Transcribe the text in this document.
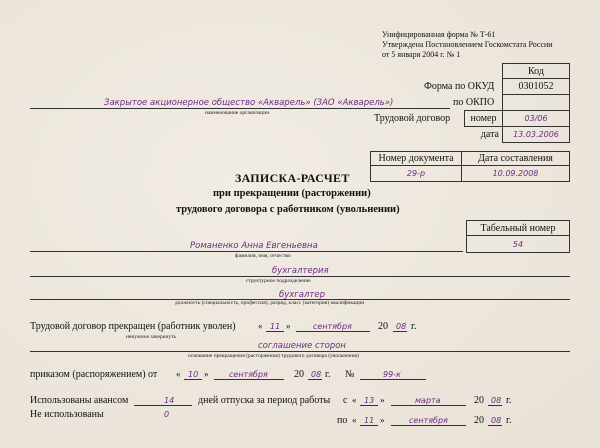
Унифицированная форма № Т-61
Утверждена Постановлением Госкомстата России
от 5 января 2004 г. № 1
Код
0301052
номер	03/06
дата	13.03.2006
Форма по ОКУД
по ОКПО
Трудовой договор
Закрытое акционерное общество «Акварель» (ЗАО «Акварель»)
наименование организации
Номер документа	Дата составления
29-р	10.09.2008
ЗАПИСКА-РАСЧЕТ
при прекращении (расторжении)
трудового договора с работником (увольнении)
Табельный номер
54
Романенко Анна Евгеньевна
фамилия, имя, отчество
бухгалтерия
структурное подразделение
бухгалтер
должность (специальность, профессия), разряд, класс (категория) квалификации
Трудовой договор прекращен (работник уволен)
ненужное зачеркнуть
« 11 »	сентября	20 08 г.
соглашение сторон
основание прекращения (расторжения) трудового договора (увольнения)
приказом (распоряжением) от « 10 »	сентября	20 08 г. №	99-к
Использованы авансом	14 дней отпуска за период работы с « 13 »	марта	20 08 г.
Не использованы	0
по « 11 »	сентября	20 08 г.
